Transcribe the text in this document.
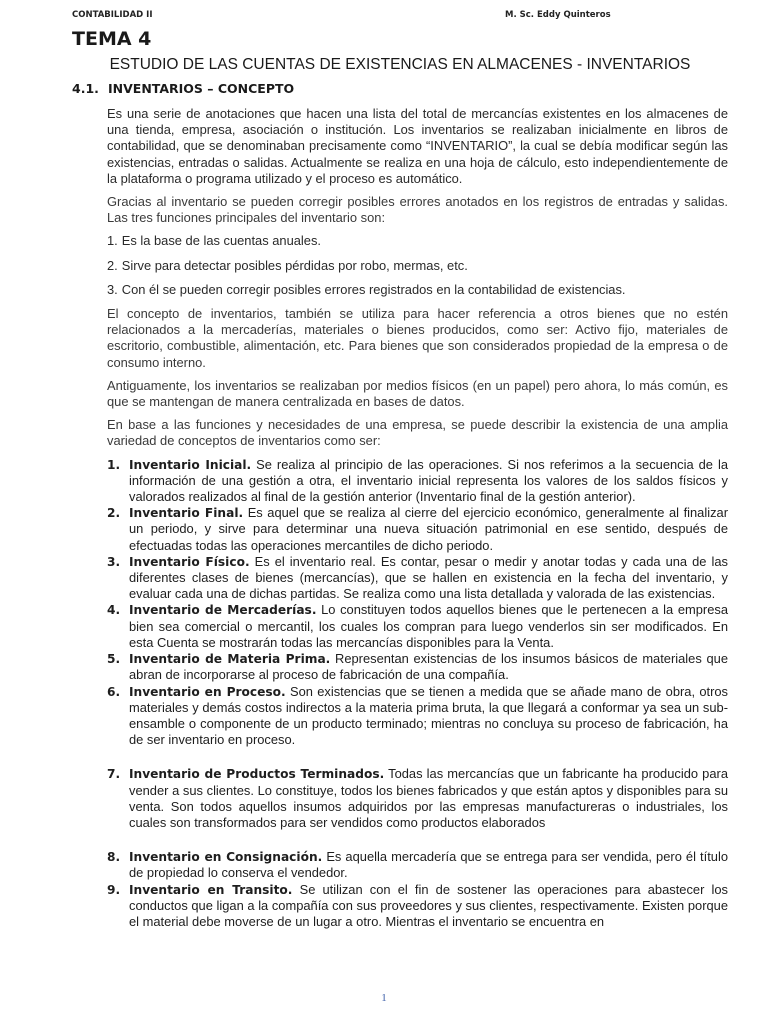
CONTABILIDAD II	M. Sc. Eddy Quinteros
TEMA 4
ESTUDIO DE LAS CUENTAS DE EXISTENCIAS EN ALMACENES - INVENTARIOS
4.1. INVENTARIOS – CONCEPTO

Es una serie de anotaciones que hacen una lista del total de mercancías existentes en los almacenes de una tienda, empresa, asociación o institución. Los inventarios se realizaban inicialmente en libros de contabilidad, que se denominaban precisamente como “INVENTARIO”, la cual se debía modificar según las existencias, entradas o salidas. Actualmente se realiza en una hoja de cálculo, esto independientemente de la plataforma o programa utilizado y el proceso es automático.

Gracias al inventario se pueden corregir posibles errores anotados en los registros de entradas y salidas. Las tres funciones principales del inventario son:

1. Es la base de las cuentas anuales.
2. Sirve para detectar posibles pérdidas por robo, mermas, etc.
3. Con él se pueden corregir posibles errores registrados en la contabilidad de existencias.

El concepto de inventarios, también se utiliza para hacer referencia a otros bienes que no estén relacionados a la mercaderías, materiales o bienes producidos, como ser: Activo fijo, materiales de escritorio, combustible, alimentación, etc. Para bienes que son considerados propiedad de la empresa o de consumo interno.

Antiguamente, los inventarios se realizaban por medios físicos (en un papel) pero ahora, lo más común, es que se mantengan de manera centralizada en bases de datos.

En base a las funciones y necesidades de una empresa, se puede describir la existencia de una amplia variedad de conceptos de inventarios como ser:

1. Inventario Inicial. Se realiza al principio de las operaciones. Si nos referimos a la secuencia de la información de una gestión a otra, el inventario inicial representa los valores de los saldos físicos y valorados realizados al final de la gestión anterior (Inventario final de la gestión anterior).
2. Inventario Final. Es aquel que se realiza al cierre del ejercicio económico, generalmente al finalizar un periodo, y sirve para determinar una nueva situación patrimonial en ese sentido, después de efectuadas todas las operaciones mercantiles de dicho periodo.
3. Inventario Físico. Es el inventario real. Es contar, pesar o medir y anotar todas y cada una de las diferentes clases de bienes (mercancías), que se hallen en existencia en la fecha del inventario, y evaluar cada una de dichas partidas. Se realiza como una lista detallada y valorada de las existencias.
4. Inventario de Mercaderías. Lo constituyen todos aquellos bienes que le pertenecen a la empresa bien sea comercial o mercantil, los cuales los compran para luego venderlos sin ser modificados. En esta Cuenta se mostrarán todas las mercancías disponibles para la Venta.
5. Inventario de Materia Prima. Representan existencias de los insumos básicos de materiales que abran de incorporarse al proceso de fabricación de una compañía.
6. Inventario en Proceso. Son existencias que se tienen a medida que se añade mano de obra, otros materiales y demás costos indirectos a la materia prima bruta, la que llegará a conformar ya sea un sub-ensamble o componente de un producto terminado; mientras no concluya su proceso de fabricación, ha de ser inventario en proceso.
7. Inventario de Productos Terminados. Todas las mercancías que un fabricante ha producido para vender a sus clientes. Lo constituye, todos los bienes fabricados y que están aptos y disponibles para su venta. Son todos aquellos insumos adquiridos por las empresas manufactureras o industriales, los cuales son transformados para ser vendidos como productos elaborados
8. Inventario en Consignación. Es aquella mercadería que se entrega para ser vendida, pero él título de propiedad lo conserva el vendedor.
9. Inventario en Transito. Se utilizan con el fin de sostener las operaciones para abastecer los conductos que ligan a la compañía con sus proveedores y sus clientes, respectivamente. Existen porque el material debe moverse de un lugar a otro. Mientras el inventario se encuentra en
1
